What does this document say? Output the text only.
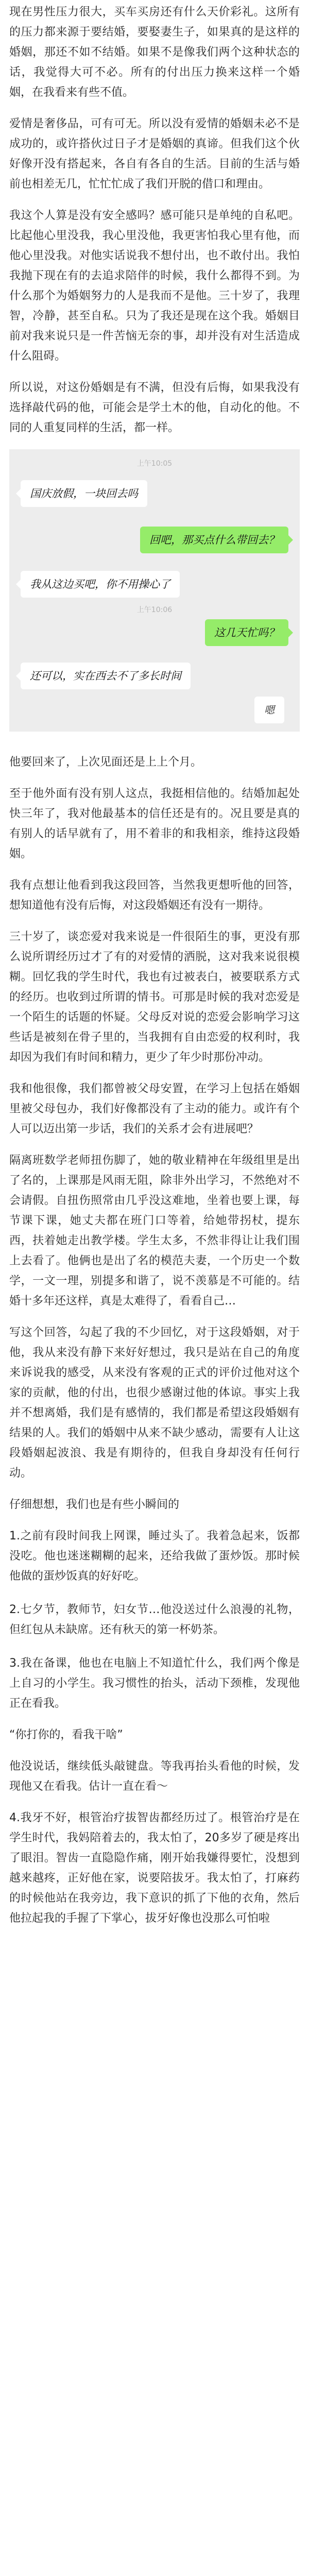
现在男性压力很大，买车买房还有什么天价彩礼。这所有的压力都来源于要结婚，要娶妻生子，如果真的是这样的婚姻，那还不如不结婚。如果不是像我们两个这种状态的话，我觉得大可不必。所有的付出压力换来这样一个婚姻，在我看来有些不值。

爱情是奢侈品，可有可无。所以没有爱情的婚姻未必不是成功的，或许搭伙过日子才是婚姻的真谛。但我们这个伙好像开没有搭起来，各自有各自的生活。目前的生活与婚前也相差无几，忙忙忙成了我们开脱的借口和理由。

我这个人算是没有安全感吗？感可能只是单纯的自私吧。比起他心里没我，我心里没他，我更害怕我心里有他，而他心里没我。对他实话说我不想付出，也不敢付出。我怕我抛下现在有的去追求陪伴的时候，我什么都得不到。为什么那个为婚姻努力的人是我而不是他。三十岁了，我理智，冷静，甚至自私。只为了我还是现在这个我。婚姻目前对我来说只是一件苦恼无奈的事，却并没有对生活造成什么阻碍。

所以说，对这份婚姻是有不满，但没有后悔，如果我没有选择敲代码的他，可能会是学土木的他，自动化的他。不同的人重复同样的生活，都一样。

上午10:05
国庆放假，一块回去吗
回吧，那买点什么带回去？
我从这边买吧，你不用操心了
上午10:06
这几天忙吗？
还可以，实在西去不了多长时间
嗯

他要回来了，上次见面还是上上个月。

至于他外面有没有别人这点，我挺相信他的。结婚加起处快三年了，我对他最基本的信任还是有的。况且要是真的有别人的话早就有了，用不着非的和我相亲，维持这段婚姻。

我有点想让他看到我这段回答，当然我更想听他的回答，想知道他有没有后悔，对这段婚姻还有没有一期待。

三十岁了，谈恋爱对我来说是一件很陌生的事，更没有那么说所谓经历过才了有的对爱情的洒脱，这对我来说很模糊。回忆我的学生时代，我也有过被表白，被要联系方式的经历。也收到过所谓的情书。可那是时候的我对恋爱是一个陌生的话题的怀疑。父母反对说的恋爱会影响学习这些话是被刻在骨子里的，当我拥有自由恋爱的权利时，我却因为我们有时间和精力，更少了年少时那份冲动。

我和他很像，我们都曾被父母安置，在学习上包括在婚姻里被父母包办，我们好像都没有了主动的能力。或许有个人可以迈出第一步话，我们的关系才会有进展吧？

隔离班数学老师扭伤脚了，她的敬业精神在年级组里是出了名的，上课那是风雨无阻，除非外出学习，不然绝对不会请假。自扭伤照常由几乎没这难地，坐着也要上课，每节课下课，她丈夫都在班门口等着，给她带拐杖，提东西，扶着她走出教学楼。学生太多，不然非得让让我们围上去看了。他俩也是出了名的模范夫妻，一个历史一个数学，一文一理，别提多和谐了，说不羡慕是不可能的。结婚十多年还这样，真是太难得了，看看自己…

写这个回答，勾起了我的不少回忆，对于这段婚姻，对于他，我从来没有静下来好好想过，我只是站在自己的角度来诉说我的感受，从来没有客观的正式的评价过他对这个家的贡献，他的付出，也很少感谢过他的体谅。事实上我并不想离婚，我们是有感情的，我们都是希望这段婚姻有结果的人。我们的婚姻中从来不缺少感动，需要有人让这段婚姻起波浪、我是有期待的，但我自身却没有任何行动。

仔细想想，我们也是有些小瞬间的

1.之前有段时间我上网课，睡过头了。我着急起来，饭都没吃。他也迷迷糊糊的起来，还给我做了蛋炒饭。那时候他做的蛋炒饭真的好好吃。

2.七夕节，教师节，妇女节…他没送过什么浪漫的礼物，但红包从未缺席。还有秋天的第一杯奶茶。

3.我在备课，他也在电脑上不知道忙什么，我们两个像是上自习的小学生。我习惯性的抬头，活动下颈椎，发现他正在看我。

“你打你的，看我干啥”

他没说话，继续低头敲键盘。等我再抬头看他的时候，发现他又在看我。估计一直在看～

4.我牙不好，根管治疗拔智齿都经历过了。根管治疗是在学生时代，我妈陪着去的，我太怕了，20多岁了硬是疼出了眼泪。智齿一直隐隐作痛，刚开始我嫌得要忙，没想到越来越疼，正好他在家，说要陪拔牙。我太怕了，打麻药的时候他站在我旁边，我下意识的抓了下他的衣角，然后他拉起我的手握了下掌心，拔牙好像也没那么可怕啦
